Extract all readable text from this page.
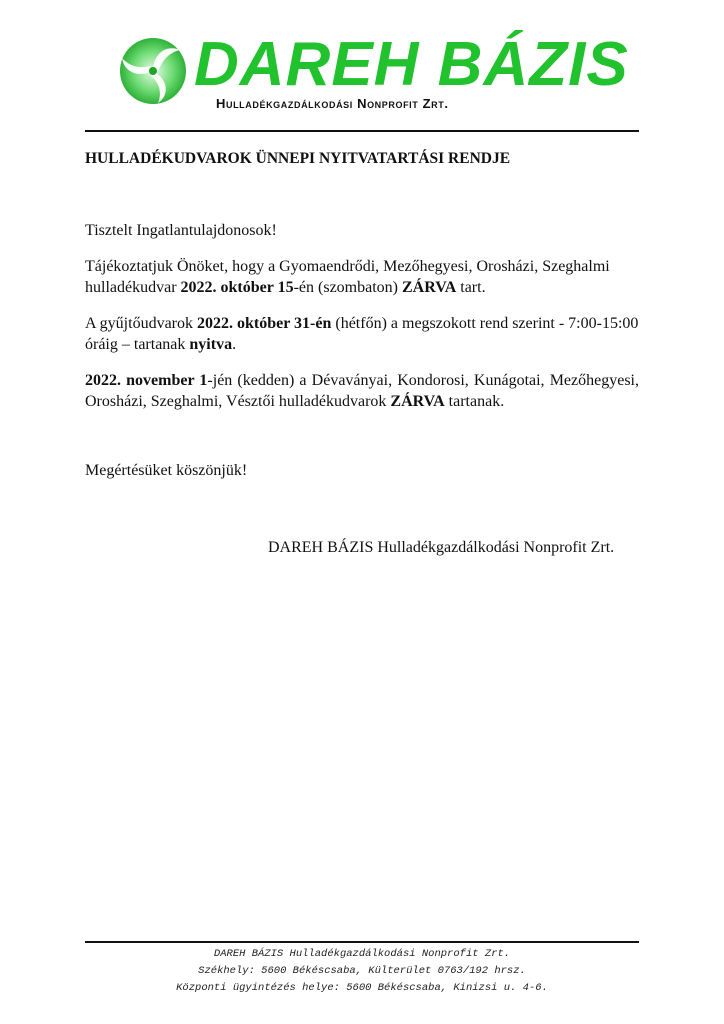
DAREH BÁZIS
Hulladékgazdálkodási Nonprofit Zrt.
HULLADÉKUDVAROK ÜNNEPI NYITVATARTÁSI RENDJE

Tisztelt Ingatlantulajdonosok!

Tájékoztatjuk Önöket, hogy a Gyomaendrődi, Mezőhegyesi, Orosházi, Szeghalmi hulladékudvar 2022. október 15-én (szombaton) ZÁRVA tart.

A gyűjtőudvarok 2022. október 31-én (hétfőn) a megszokott rend szerint - 7:00-15:00 óráig – tartanak nyitva.

2022. november 1-jén (kedden) a Dévaványai, Kondorosi, Kunágotai, Mezőhegyesi, Orosházi, Szeghalmi, Vésztői hulladékudvarok ZÁRVA tartanak.

Megértésüket köszönjük!

DAREH BÁZIS Hulladékgazdálkodási Nonprofit Zrt.
DAREH BÁZIS Hulladékgazdálkodási Nonprofit Zrt.
Székhely: 5600 Békéscsaba, Külterület 0763/192 hrsz.
Központi ügyintézés helye: 5600 Békéscsaba, Kinizsi u. 4-6.
